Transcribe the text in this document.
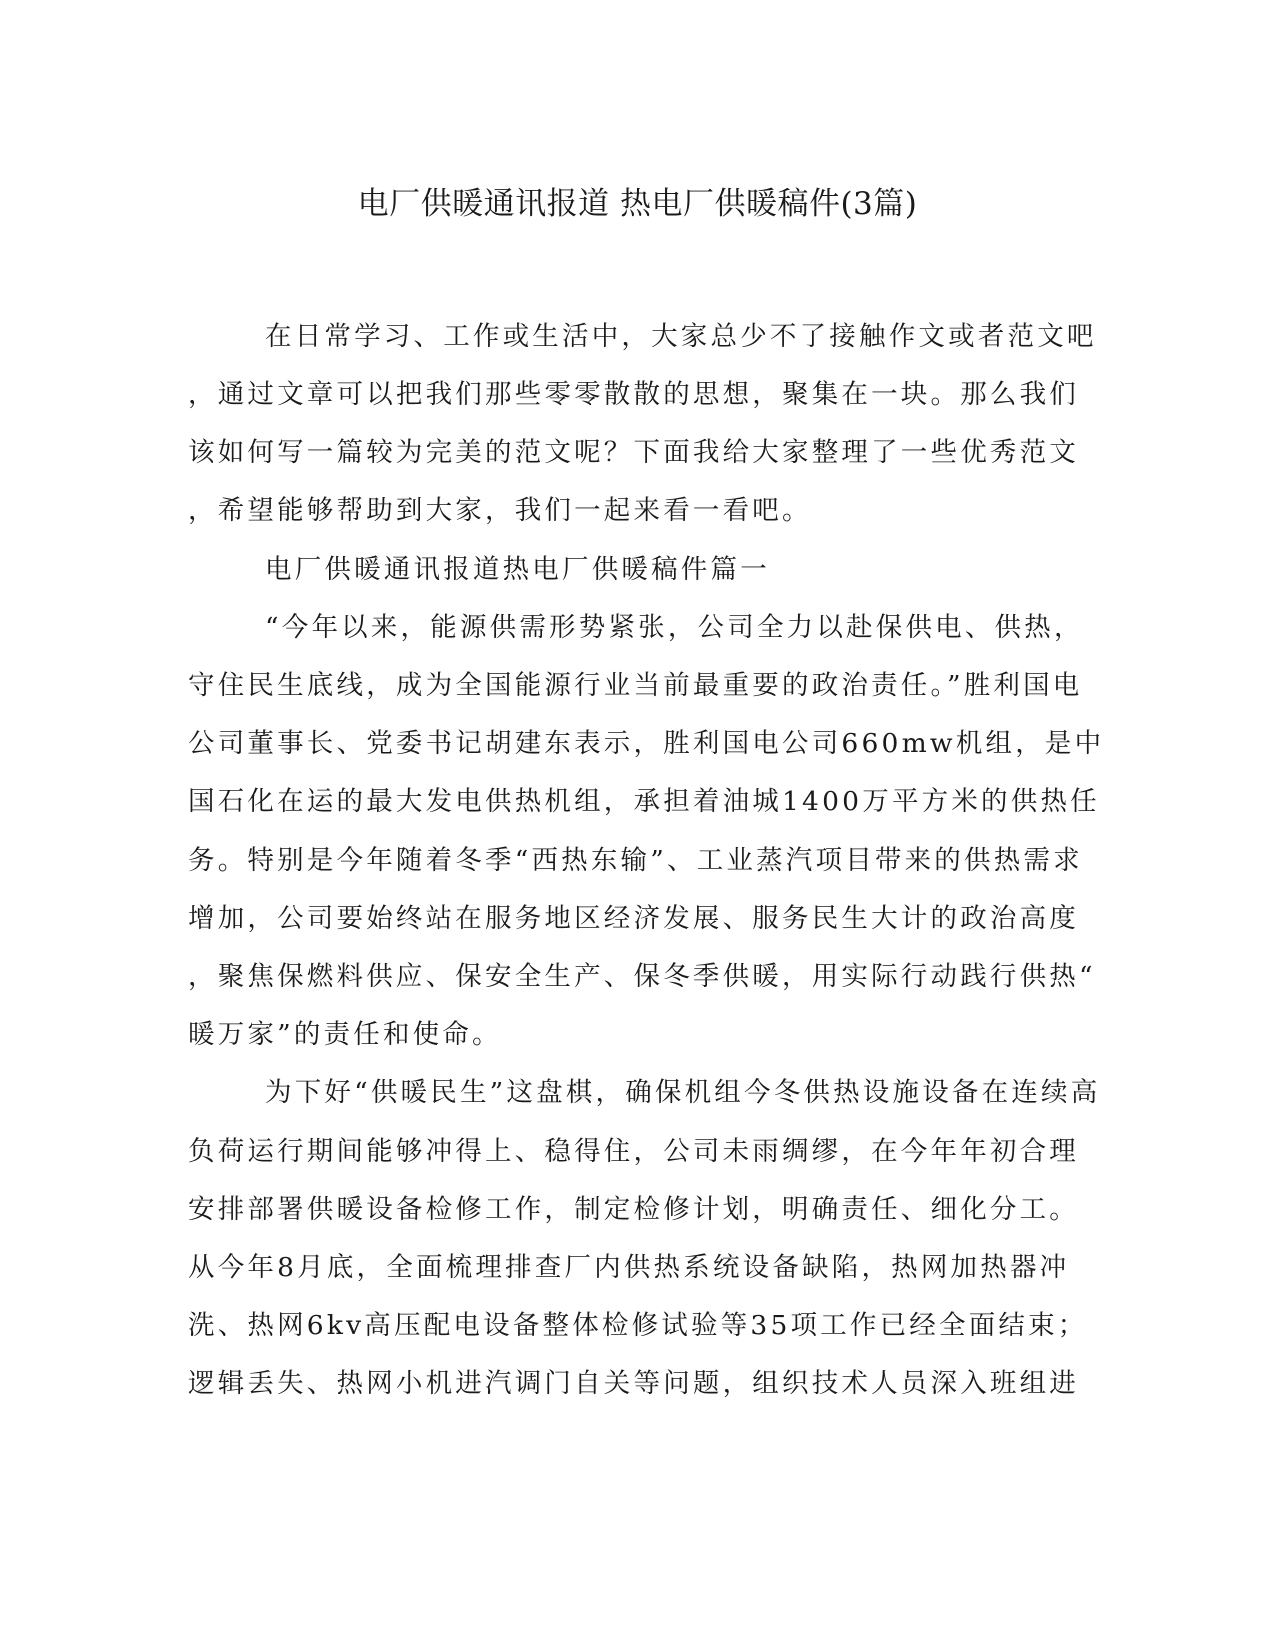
电厂供暖通讯报道 热电厂供暖稿件(3篇)
在日常学习、工作或生活中，大家总少不了接触作文或者范文吧
，通过文章可以把我们那些零零散散的思想，聚集在一块。那么我们
该如何写一篇较为完美的范文呢？下面我给大家整理了一些优秀范文
，希望能够帮助到大家，我们一起来看一看吧。
电厂供暖通讯报道热电厂供暖稿件篇一
“今年以来，能源供需形势紧张，公司全力以赴保供电、供热，
守住民生底线，成为全国能源行业当前最重要的政治责任。”胜利国电
公司董事长、党委书记胡建东表示，胜利国电公司660mw机组，是中
国石化在运的最大发电供热机组，承担着油城1400万平方米的供热任
务。特别是今年随着冬季“西热东输”、工业蒸汽项目带来的供热需求
增加，公司要始终站在服务地区经济发展、服务民生大计的政治高度
，聚焦保燃料供应、保安全生产、保冬季供暖，用实际行动践行供热“
暖万家”的责任和使命。
为下好“供暖民生”这盘棋，确保机组今冬供热设施设备在连续高
负荷运行期间能够冲得上、稳得住，公司未雨绸缪，在今年年初合理
安排部署供暖设备检修工作，制定检修计划，明确责任、细化分工。
从今年8月底，全面梳理排查厂内供热系统设备缺陷，热网加热器冲
洗、热网6kv高压配电设备整体检修试验等35项工作已经全面结束；
逻辑丢失、热网小机进汽调门自关等问题，组织技术人员深入班组进
